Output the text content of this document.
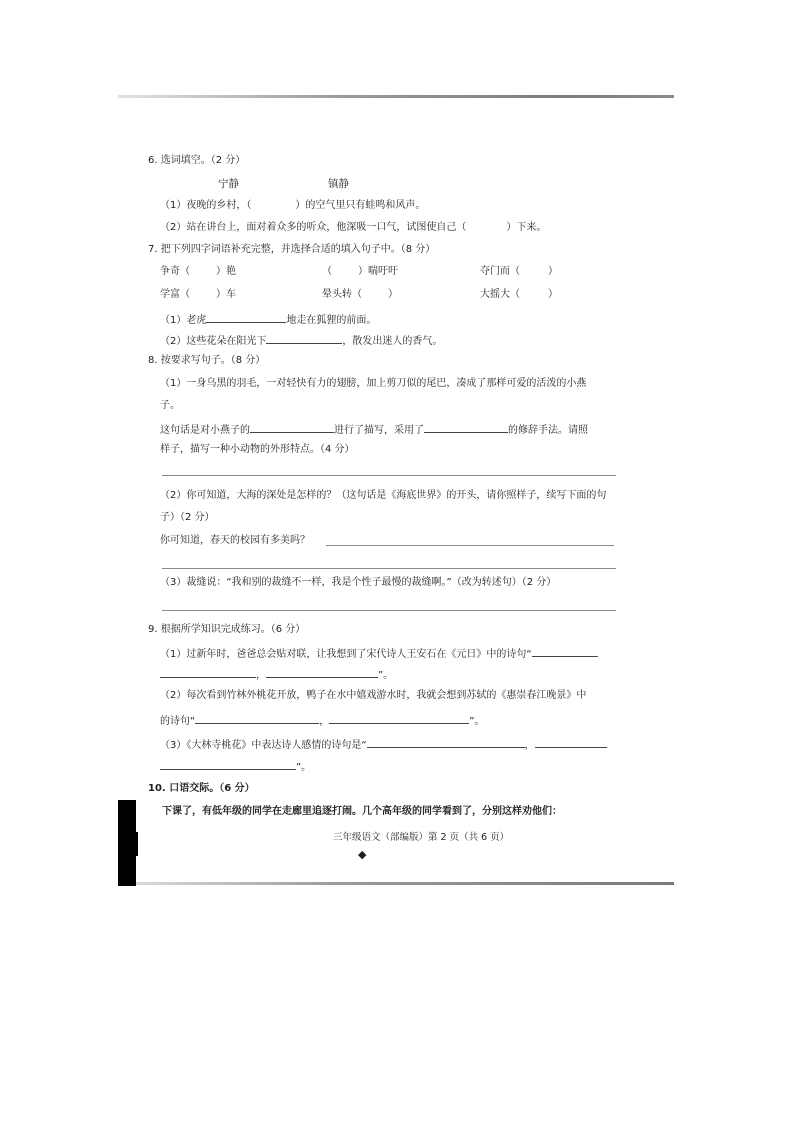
6. 选词填空。（2 分）
宁静	镇静
（1）夜晚的乡村，（	）的空气里只有蛙鸣和风声。
（2）站在讲台上，面对着众多的听众，他深吸一口气，试图使自己（	）下来。
7. 把下列四字词语补充完整，并选择合适的填入句子中。（8 分）
争奇（	）艳	（	）喘吁吁	夺门而（	）
学富（	）车	晕头转（	）	大摇大（	）
（1）老虎	地走在狐狸的前面。
（2）这些花朵在阳光下	，散发出迷人的香气。
8. 按要求写句子。（8 分）
（1）一身乌黑的羽毛，一对轻快有力的翅膀，加上剪刀似的尾巴，凑成了那样可爱的活泼的小燕
子。
这句话是对小燕子的	进行了描写，采用了	的修辞手法。请照
样子，描写一种小动物的外形特点。（4 分）
（2）你可知道，大海的深处是怎样的？（这句话是《海底世界》的开头，请你照样子，续写下面的句
子）（2 分）
你可知道，春天的校园有多美吗？
（3）裁缝说：“我和别的裁缝不一样，我是个性子最慢的裁缝啊。”（改为转述句）（2 分）
9. 根据所学知识完成练习。（6 分）
（1）过新年时，爸爸总会贴对联，让我想到了宋代诗人王安石在《元日》中的诗句“
，	”。
（2）每次看到竹林外桃花开放，鸭子在水中嬉戏游水时，我就会想到苏轼的《惠崇春江晚景》中
的诗句“	，	”。
（3）《大林寺桃花》中表达诗人感情的诗句是“	，
”。
10. 口语交际。（6 分）
下课了，有低年级的同学在走廊里追逐打闹。几个高年级的同学看到了，分别这样劝他们：
三年级语文（部编版）第 2 页（共 6 页）
◆
